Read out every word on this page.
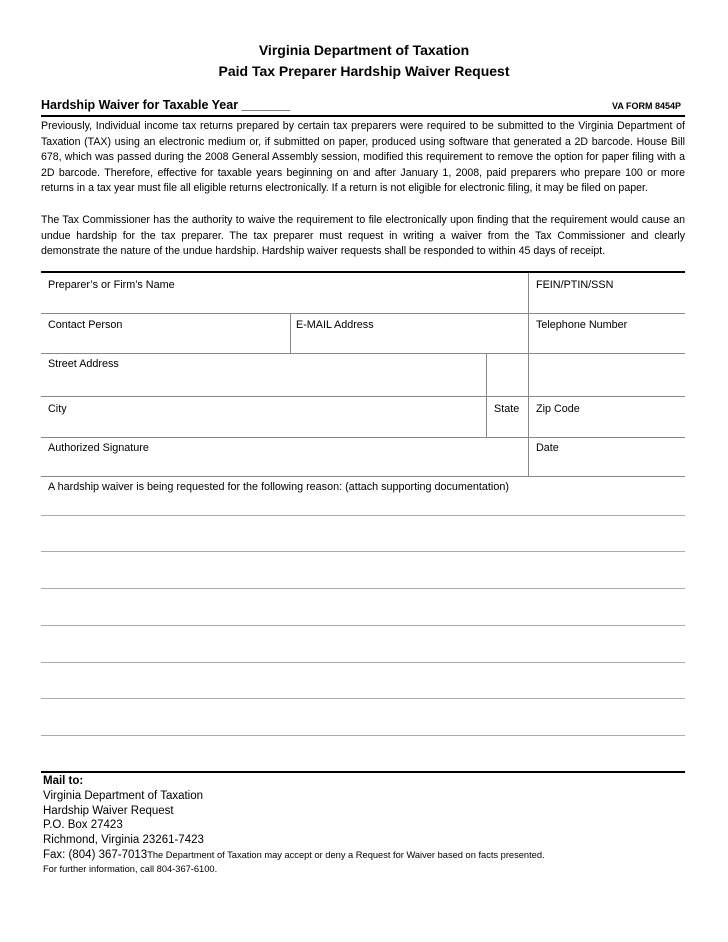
Virginia Department of Taxation
Paid Tax Preparer Hardship Waiver Request
Hardship Waiver for Taxable Year _______	VA FORM 8454P
Previously, Individual income tax returns prepared by certain tax preparers were required to be submitted to the Virginia Department of Taxation (TAX) using an electronic medium or, if submitted on paper, produced using software that generated a 2D barcode. House Bill 678, which was passed during the 2008 General Assembly session, modified this requirement to remove the option for paper filing with a 2D barcode. Therefore, effective for taxable years beginning on and after January 1, 2008, paid preparers who prepare 100 or more returns in a tax year must file all eligible returns electronically. If a return is not eligible for electronic filing, it may be filed on paper.
The Tax Commissioner has the authority to waive the requirement to file electronically upon finding that the requirement would cause an undue hardship for the tax preparer. The tax preparer must request in writing a waiver from the Tax Commissioner and clearly demonstrate the nature of the undue hardship. Hardship waiver requests shall be responded to within 45 days of receipt.
Preparer’s or Firm’s Name	FEIN/PTIN/SSN
Contact Person	E-MAIL Address	Telephone Number
Street Address
City	State Zip Code
Authorized Signature	Date
A hardship waiver is being requested for the following reason: (attach supporting documentation)
Mail to:
Virginia Department of Taxation
Hardship Waiver Request
P.O. Box 27423
Richmond, Virginia 23261-7423
Fax: (804) 367-7013The Department of Taxation may accept or deny a Request for Waiver based on facts presented.
For further information, call 804-367-6100.
